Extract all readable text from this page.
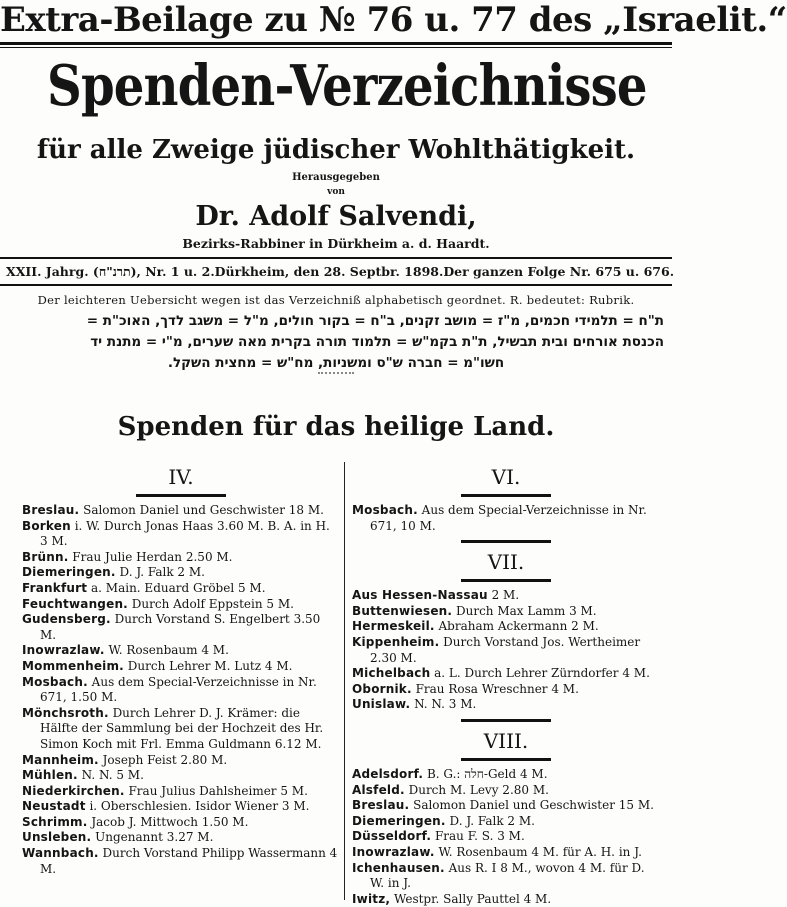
Extra-Beilage zu № 76 u. 77 des „Israelit.“
Spenden-Verzeichnisse
für alle Zweige jüdischer Wohlthätigkeit.
Herausgegeben
von
Dr. Adolf Salvendi,
Bezirks-Rabbiner in Dürkheim a. d. Haardt.
XXII. Jahrg. (תרנ"ח), Nr. 1 u. 2. Dürkheim, den 28. Septbr. 1898. Der ganzen Folge Nr. 675 u. 676.
Der leichteren Uebersicht wegen ist das Verzeichniß alphabetisch geordnet. R. bedeutet: Rubrik.
ת"ח = תלמידי חכמים, מ"ז = מושב זקנים, ב"ח = בקור חולים, מ"ל = משגב לדך, האוכ"ת =
הכנסת אורחים ובית תבשיל, ת"ת בקמ"ש = תלמוד תורה בקרית מאה שערים, מ"י = מתנת יד
חשו"מ = חברה ש"ס ומשניות, מח"ש = מחצית השקל.
Spenden für das heilige Land.
IV.

Breslau. Salomon Daniel und Geschwister 18 M.

Borken i. W. Durch Jonas Haas 3.60 M. B. A. in H. 3 M.

Brünn. Frau Julie Herdan 2.50 M.

Diemeringen. D. J. Falk 2 M.

Frankfurt a. Main. Eduard Gröbel 5 M.

Feuchtwangen. Durch Adolf Eppstein 5 M.

Gudensberg. Durch Vorstand S. Engelbert 3.50 M.

Inowrazlaw. W. Rosenbaum 4 M.

Mommenheim. Durch Lehrer M. Lutz 4 M.

Mosbach. Aus dem Special-Verzeichnisse in Nr. 671, 1.50 M.

Mönchsroth. Durch Lehrer D. J. Krämer: die Hälfte der Sammlung bei der Hochzeit des Hr. Simon Koch mit Frl. Emma Guldmann 6.12 M.

Mannheim. Joseph Feist 2.80 M.

Mühlen. N. N. 5 M.

Niederkirchen. Frau Julius Dahlsheimer 5 M.

Neustadt i. Oberschlesien. Isidor Wiener 3 M.

Schrimm. Jacob J. Mittwoch 1.50 M.

Unsleben. Ungenannt 3.27 M.

Wannbach. Durch Vorstand Philipp Wassermann 4 M.

VI.

Mosbach. Aus dem Special-Verzeichnisse in Nr. 671, 10 M.

VII.

Aus Hessen-Nassau 2 M.

Buttenwiesen. Durch Max Lamm 3 M.

Hermeskeil. Abraham Ackermann 2 M.

Kippenheim. Durch Vorstand Jos. Wertheimer 2.30 M.

Michelbach a. L. Durch Lehrer Zürndorfer 4 M.

Obornik. Frau Rosa Wreschner 4 M.

Unislaw. N. N. 3 M.

VIII.

Adelsdorf. B. G.: חלה-Geld 4 M.

Alsfeld. Durch M. Levy 2.80 M.

Breslau. Salomon Daniel und Geschwister 15 M.

Diemeringen. D. J. Falk 2 M.

Düsseldorf. Frau F. S. 3 M.

Inowrazlaw. W. Rosenbaum 4 M. für A. H. in J.

Ichenhausen. Aus R. I 8 M., wovon 4 M. für D. W. in J.

Iwitz, Westpr. Sally Pauttel 4 M.
